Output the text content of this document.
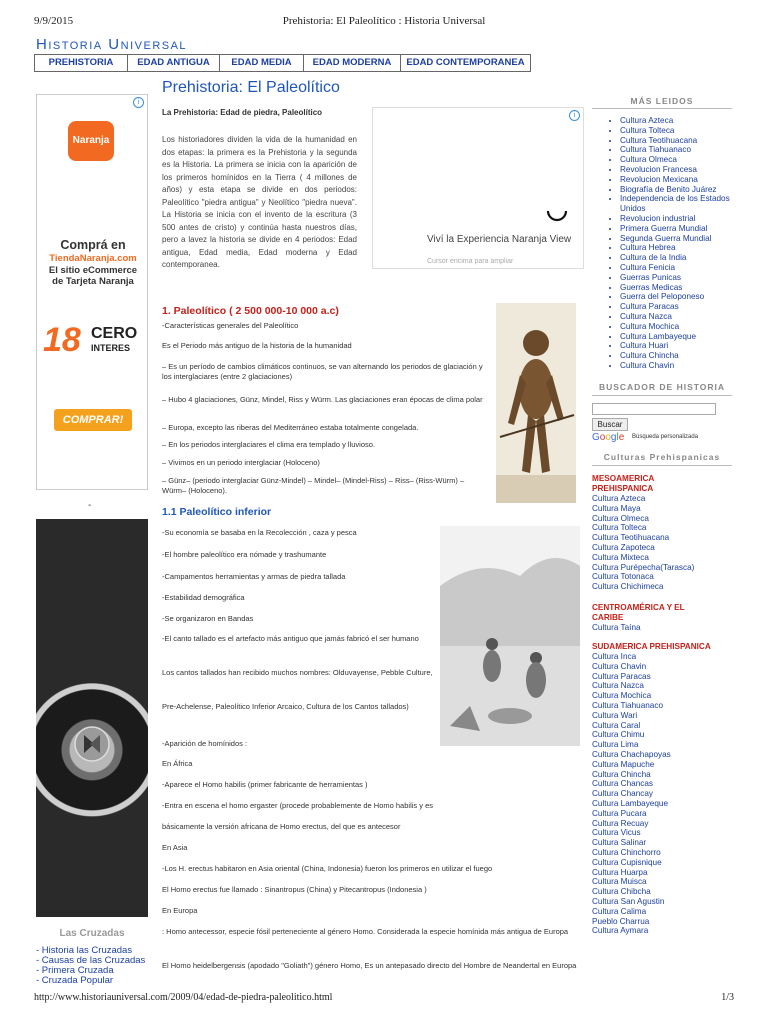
9/9/2015	Prehistoria: El Paleolítico : Historia Universal
http://www.historiauniversal.com/2009/04/edad-de-piedra-paleolitico.html	1/3
Historia Universal
PREHISTORIA	EDAD ANTIGUA	EDAD MEDIA	EDAD MODERNA	EDAD CONTEMPORANEA
i
Naranja
Comprá en
TiendaNaranja.com
El sitio eCommerce
de Tarjeta Naranja
18 CERO
INTERES
COMPRAR!
-
Las Cruzadas
- Historia las Cruzadas
- Causas de las Cruzadas
- Primera Cruzada
- Cruzada Popular
Prehistoria: El Paleolítico
La Prehistoria: Edad de piedra, Paleolítico
Los historiadores dividen la vida de la humanidad en dos etapas: la primera es la Prehistoria y la segunda es la Historia. La primera se inicia con la aparición de los primeros homínidos en la Tierra ( 4 millones de años) y esta etapa se divide en dos periodos: Paleolítico "piedra antigua" y Neolítico "piedra nueva". La Historia se inicia con el invento de la escritura (3 500 antes de cristo) y continúa hasta nuestros días, pero a lavez la historia se divide en 4 periodos: Edad antigua, Edad media, Edad moderna y Edad contemporanea.
i
Viví la Experiencia Naranja View
Cursor encima para ampliar
1. Paleolítico ( 2 500 000-10 000 a.c)
-Características generales del Paleolítico
Es el Periodo más antiguo de la historia de la humanidad
– Es un período de cambios climáticos continuos, se van alternando los periodos de glaciación y los interglaciares (entre 2 glaciaciones)
– Hubo 4 glaciaciones, Günz, Mindel, Riss y Würm. Las glaciaciones eran épocas de clima polar
– Europa, excepto las riberas del Mediterráneo estaba totalmente congelada.
– En los periodos interglaciares el clima era templado y lluvioso.
– Vivimos en un periodo interglaciar (Holoceno)
– Günz– (periodo interglaciar Günz-Mindel) – Mindel– (Mindel-Riss) – Riss– (Riss-Würm) – Würm– (Holoceno).
1.1 Paleolítico inferior
-Su economía se basaba en la Recolección , caza y pesca
-El hombre paleolítico era nómade y trashumante
-Campamentos herramientas y armas de piedra tallada
-Estabilidad demográfica
-Se organizaron en Bandas
-El canto tallado es el artefacto más antiguo que jamás fabricó el ser humano
Los cantos tallados han recibido muchos nombres: Olduvayense, Pebble Culture,
Pre-Achelense, Paleolítico Inferior Arcaico, Cultura de los Cantos tallados)
-Aparición de homínidos :
En África
-Aparece el Homo habilis (primer fabricante de herramientas )
-Entra en escena el homo ergaster (procede probablemente de Homo habilis y es
básicamente la versión africana de Homo erectus, del que es antecesor
En Asia
-Los H. erectus habitaron en Asia oriental (China, Indonesia) fueron los primeros en utilizar el fuego
El Homo erectus fue llamado : Sinantropus (China) y Pitecantropus (Indonesia )
En Europa
: Homo antecessor, especie fósil perteneciente al género Homo. Considerada la especie homínida más antigua de Europa
El Homo heidelbergensis (apodado "Goliath") género Homo, Es un antepasado directo del Hombre de Neandertal en Europa
MÁS LEIDOS
• Cultura Azteca
• Cultura Tolteca
• Cultura Teotihuacana
• Cultura Tiahuanaco
• Cultura Olmeca
• Revolucion Francesa
• Revolucion Mexicana
• Biografía de Benito Juárez
• Independencia de los Estados Unidos
• Revolucion industrial
• Primera Guerra Mundial
• Segunda Guerra Mundial
• Cultura Hebrea
• Cultura de la India
• Cultura Fenicia
• Guerras Punicas
• Guerras Medicas
• Guerra del Peloponeso
• Cultura Paracas
• Cultura Nazca
• Cultura Mochica
• Cultura Lambayeque
• Cultura Huari
• Cultura Chincha
• Cultura Chavin
BUSCADOR DE HISTORIA
Buscar
Google Búsqueda personalizada
Culturas Prehispanicas
MESOAMERICA PREHISPANICA
Cultura Azteca
Cultura Maya
Cultura Olmeca
Cultura Tolteca
Cultura Teotihuacana
Cultura Zapoteca
Cultura Mixteca
Cultura Purépecha(Tarasca)
Cultura Totonaca
Cultura Chichimeca
CENTROAMÉRICA Y EL CARIBE
Cultura Taína
SUDAMERICA PREHISPANICA
Cultura Inca
Cultura Chavin
Cultura Paracas
Cultura Nazca
Cultura Mochica
Cultura Tiahuanaco
Cultura Wari
Cultura Caral
Cultura Chimu
Cultura Lima
Cultura Chachapoyas
Cultura Mapuche
Cultura Chincha
Cultura Chancas
Cultura Chancay
Cultura Lambayeque
Cultura Pucara
Cultura Recuay
Cultura Vicus
Cultura Salinar
Cultura Chinchorro
Cultura Cupisnique
Cultura Huarpa
Cultura Muisca
Cultura Chibcha
Cultura San Agustin
Cultura Calima
Pueblo Charrua
Cultura Aymara
